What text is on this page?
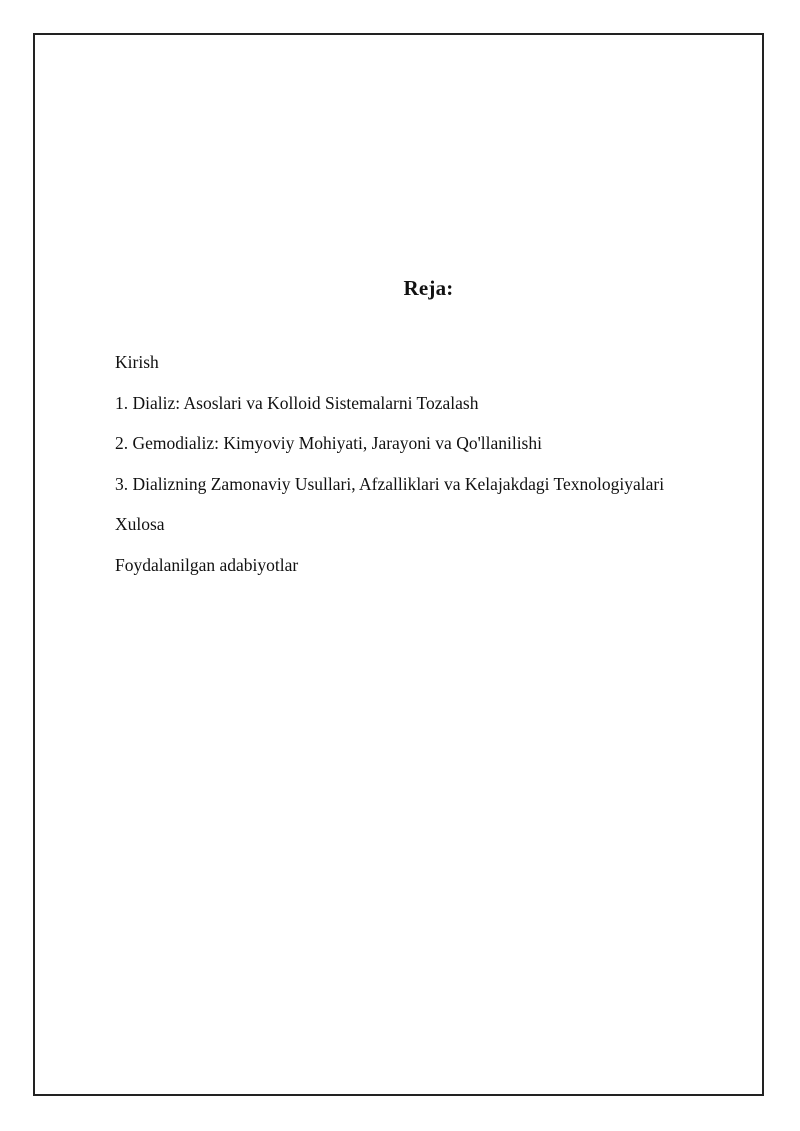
Reja:
Kirish
1. Dializ: Asoslari va Kolloid Sistemalarni Tozalash
2. Gemodializ: Kimyoviy Mohiyati, Jarayoni va Qo'llanilishi
3. Dializning Zamonaviy Usullari, Afzalliklari va Kelajakdagi Texnologiyalari
Xulosa
Foydalanilgan adabiyotlar
